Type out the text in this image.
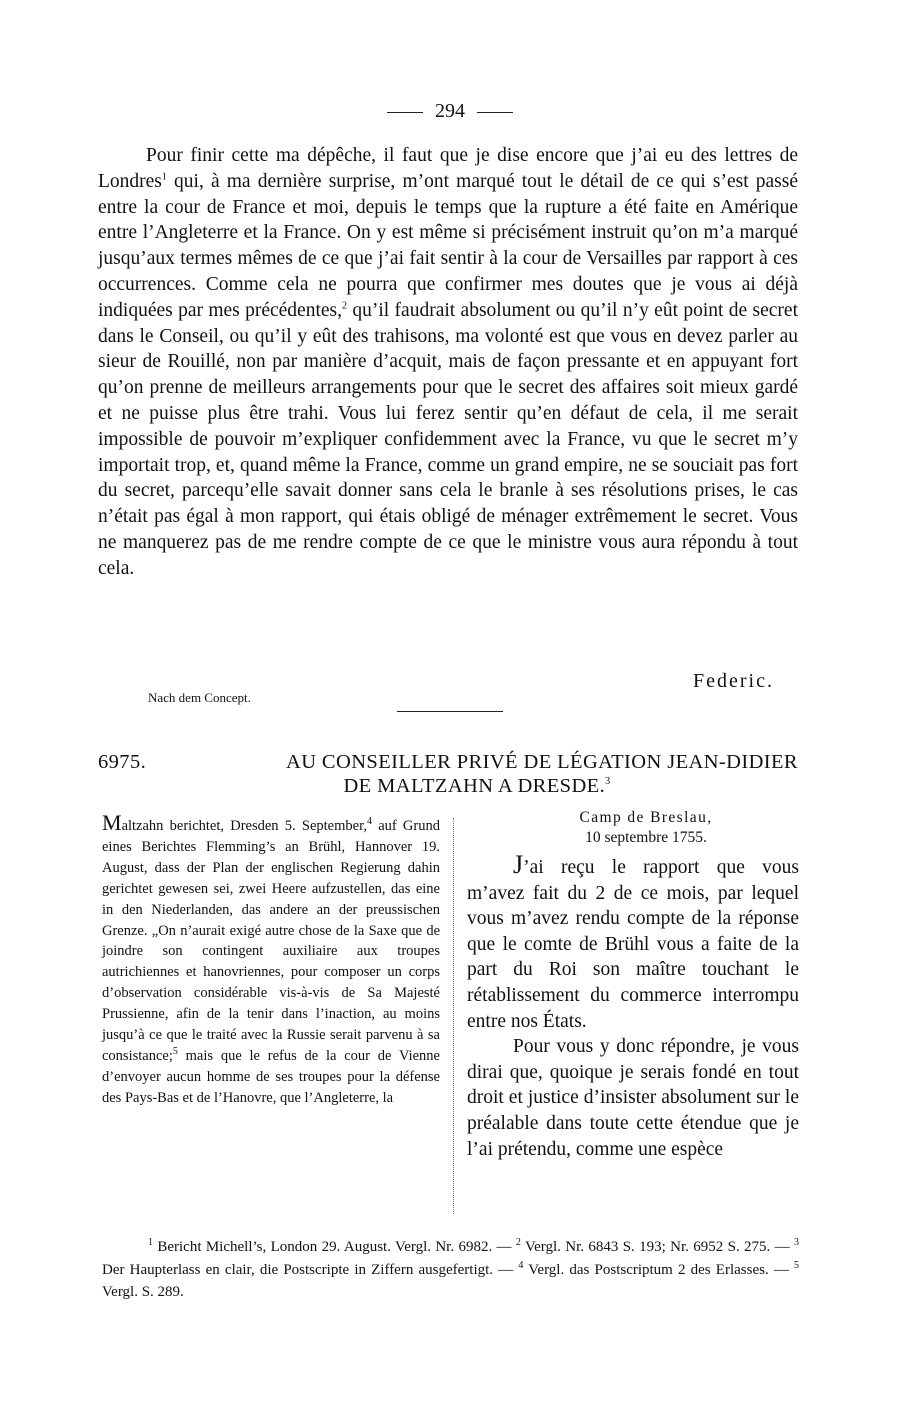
294

Pour finir cette ma dépêche, il faut que je dise encore que j’ai eu des lettres de Londres$^1$ qui, à ma dernière surprise, m’ont marqué tout le détail de ce qui s’est passé entre la cour de France et moi, depuis le temps que la rupture a été faite en Amérique entre l’Angleterre et la France. On y est même si précisément instruit qu’on m’a marqué jusqu’aux termes mêmes de ce que j’ai fait sentir à la cour de Versailles par rapport à ces occurrences. Comme cela ne pourra que confirmer mes doutes que je vous ai déjà indiquées par mes précédentes,$^2$ qu’il faudrait absolument ou qu’il n’y eût point de secret dans le Conseil, ou qu’il y eût des trahisons, ma volonté est que vous en devez parler au sieur de Rouillé, non par manière d’acquit, mais de façon pressante et en appuyant fort qu’on prenne de meilleurs arrangements pour que le secret des affaires soit mieux gardé et ne puisse plus être trahi. Vous lui ferez sentir qu’en défaut de cela, il me serait impossible de pouvoir m’expliquer confidemment avec la France, vu que le secret m’y importait trop, et, quand même la France, comme un grand empire, ne se souciait pas fort du secret, parcequ’elle savait donner sans cela le branle à ses résolutions prises, le cas n’était pas égal à mon rapport, qui étais obligé de ménager extrêmement le secret. Vous ne manquerez pas de me rendre compte de ce que le ministre vous aura répondu à tout cela.

Federic.
Nach dem Concept.
6975.	AU CONSEILLER PRIVÉ DE LÉGATION JEAN-DIDIER
DE MALTZAHN A DRESDE.$^3$
Maltzahn berichtet, Dresden 5. September,$^4$ auf Grund eines Berichtes Flemming’s an Brühl, Hannover 19. August, dass der Plan der englischen Regierung dahin gerichtet gewesen sei, zwei Heere aufzustellen, das eine in den Niederlanden, das andere an der preussischen Grenze. „On n’aurait exigé autre chose de la Saxe que de joindre son contingent auxiliaire aux troupes autrichiennes et hanovriennes, pour composer un corps d’observation considérable vis-à-vis de Sa Majesté Prussienne, afin de la tenir dans l’inaction, au moins jusqu’à ce que le traité avec la Russie serait parvenu à sa consistance;$^5$ mais que le refus de la cour de Vienne d’envoyer aucun homme de ses troupes pour la défense des Pays-Bas et de l’Hanovre, que l’Angleterre, la
Camp de Breslau,
10 septembre 1755.

J’ai reçu le rapport que vous m’avez fait du 2 de ce mois, par lequel vous m’avez rendu compte de la réponse que le comte de Brühl vous a faite de la part du Roi son maître touchant le rétablissement du commerce interrompu entre nos États.

Pour vous y donc répondre, je vous dirai que, quoique je serais fondé en tout droit et justice d’insister absolument sur le préalable dans toute cette étendue que je l’ai prétendu, comme une espèce

$^1$ Bericht Michell’s, London 29. August. Vergl. Nr. 6982. — $^2$ Vergl. Nr. 6843 S. 193; Nr. 6952 S. 275. — $^3$ Der Haupterlass en clair, die Postscripte in Ziffern ausgefertigt. — $^4$ Vergl. das Postscriptum 2 des Erlasses. — $^5$ Vergl. S. 289.
